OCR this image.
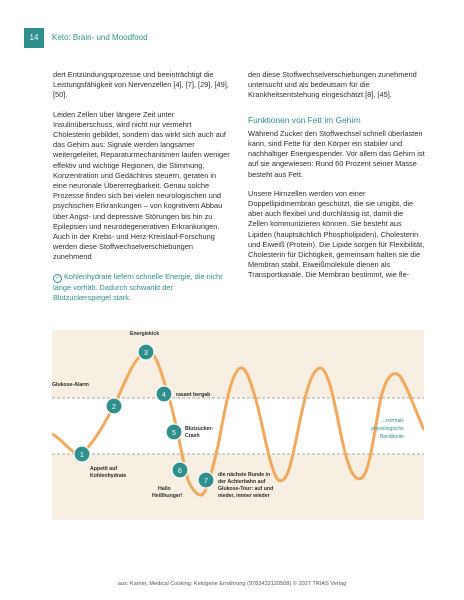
14	Keto: Brain- und Moodfood

dert Entzündungsprozesse und beeinträchtigt die Leistungsfähigkeit von Nervenzellen [4], [7], [29], [49], [50].

Leiden Zellen über längere Zeit unter Insulinüberschuss, wird nicht nur vermehrt Cholesterin gebildet, sondern das wirkt sich auch auf das Gehirn aus: Signale werden langsamer weitergeleitet, Reparaturmechanismen laufen weniger effektiv und wichtige Regionen, die Stimmung, Konzentration und Gedächtnis steuern, geraten in eine neuronale Übererregbarkeit. Genau solche Prozesse finden sich bei vielen neurologischen und psychischen Erkrankungen – von kognitivem Abbau über Angst- und depressive Störungen bis hin zu Epilepsien und neurodegenerativen Erkrankungen. Auch in der Krebs- und Herz-Kreislauf-Forschung werden diese Stoffwechselverschiebungen zunehmend

✓ Kohlenhydrate liefern schnelle Energie, die nicht lange vorhält. Dadurch schwankt der Blutzuckerspiegel stark.

den diese Stoffwechselverschiebungen zunehmend untersucht und als bedeutsam für die Krankheitsentstehung eingeschätzt [8], [45].

Funktionen von Fett im Gehirn

Während Zucker den Stoffwechsel schnell überlasten kann, sind Fette für den Körper ein stabiler und nachhaltiger Energiespender. Vor allem das Gehirn ist auf sie angewiesen: Rund 60 Prozent seiner Masse besteht aus Fett.

Unsere Hirnzellen werden von einer Doppellipidmembran geschützt, die sie umgibt, die aber auch flexibel und durchlässig ist, damit die Zellen kommunizieren können. Sie besteht aus Lipiden (hauptsächlich Phospholipiden), Cholesterin und Eiweiß (Protein). Die Lipide sorgen für Flexibilität, Cholesterin für Dichtigkeit, gemeinsam halten sie die Membran stabil. Eiweißmoleküle dienen als Transportkanäle. Die Membran bestimmt, wie fle-

…normale
physiologische
Bandbreite
1
Appetit auf
Kohlenhydrate
2
Glukose-Alarm
3
Energiekick
4 rasant bergab
5
Blutzucker-
Crash
6
Hallo
Heißhunger!
7
die nächste Runde in
der Achterbahn auf
Glukose-Tour: auf und
nieder, immer wieder
aus: Karner, Medical Cooking: Ketogene Ernährung (9783432120508) © 2027 TRIAS Verlag
